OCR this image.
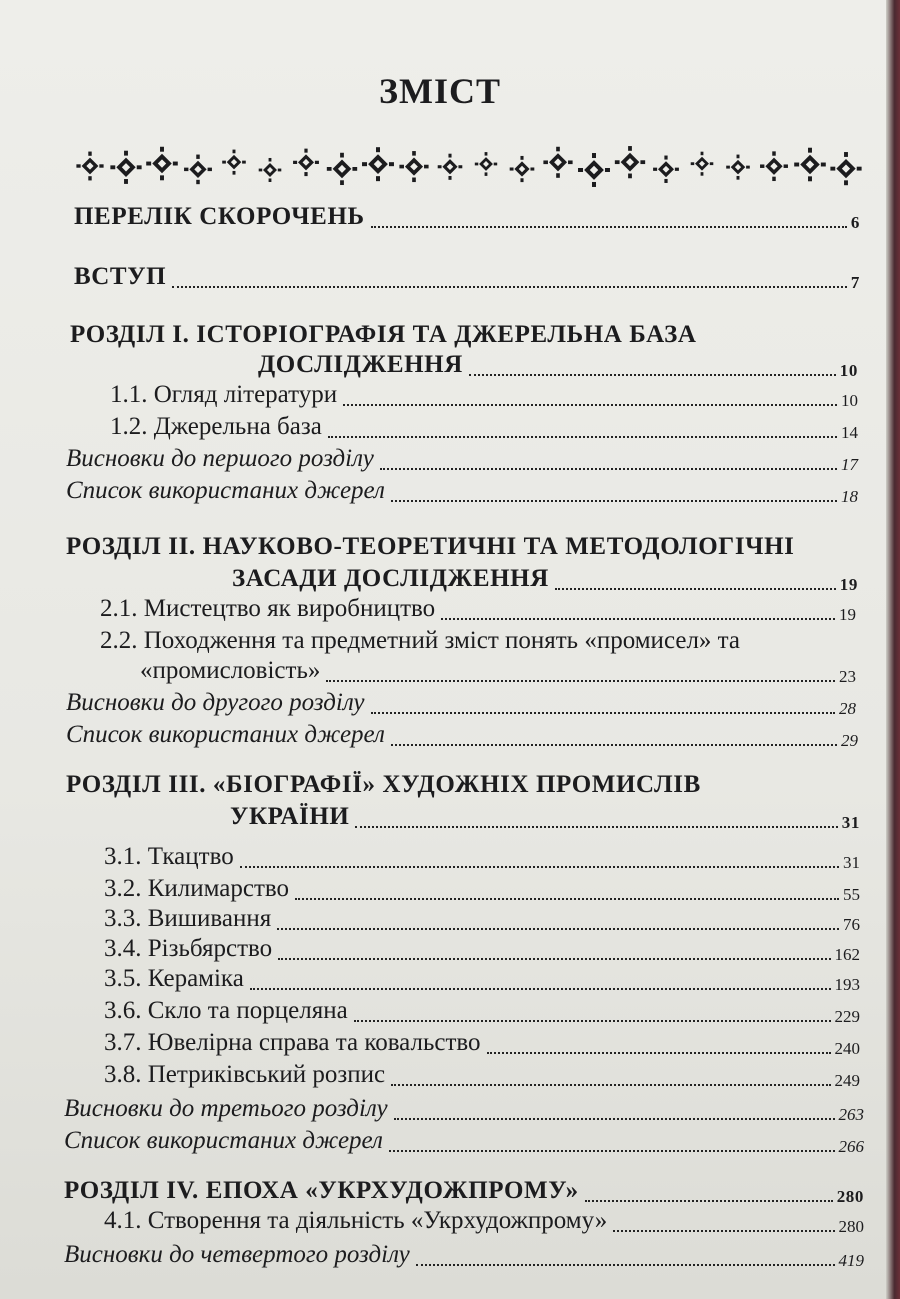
ЗМІСТ
ПЕРЕЛІК СКОРОЧЕНЬ	6
ВСТУП	7
РОЗДІЛ І. ІСТОРІОГРАФІЯ ТА ДЖЕРЕЛЬНА БАЗА
ДОСЛІДЖЕННЯ	10
1.1. Огляд літератури	10
1.2. Джерельна база	14
Висновки до першого розділу	17
Список використаних джерел	18
РОЗДІЛ ІІ. НАУКОВО-ТЕОРЕТИЧНІ ТА МЕТОДОЛОГІЧНІ
ЗАСАДИ ДОСЛІДЖЕННЯ	19
2.1. Мистецтво як виробництво	19
2.2. Походження та предметний зміст понять «промисел» та
«промисловість»	23
Висновки до другого розділу	28
Список використаних джерел	29
РОЗДІЛ ІІІ. «БІОГРАФІЇ» ХУДОЖНІХ ПРОМИСЛІВ
УКРАЇНИ	31
3.1. Ткацтво	31
3.2. Килимарство	55
3.3. Вишивання	76
3.4. Різьбярство	162
3.5. Кераміка	193
3.6. Скло та порцеляна	229
3.7. Ювелірна справа та ковальство	240
3.8. Петриківський розпис	249
Висновки до третього розділу	263
Список використаних джерел	266
РОЗДІЛ IV. ЕПОХА «УКРХУДОЖПРОМУ»	280
4.1. Створення та діяльність «Укрхудожпрому»	280
Висновки до четвертого розділу	419
